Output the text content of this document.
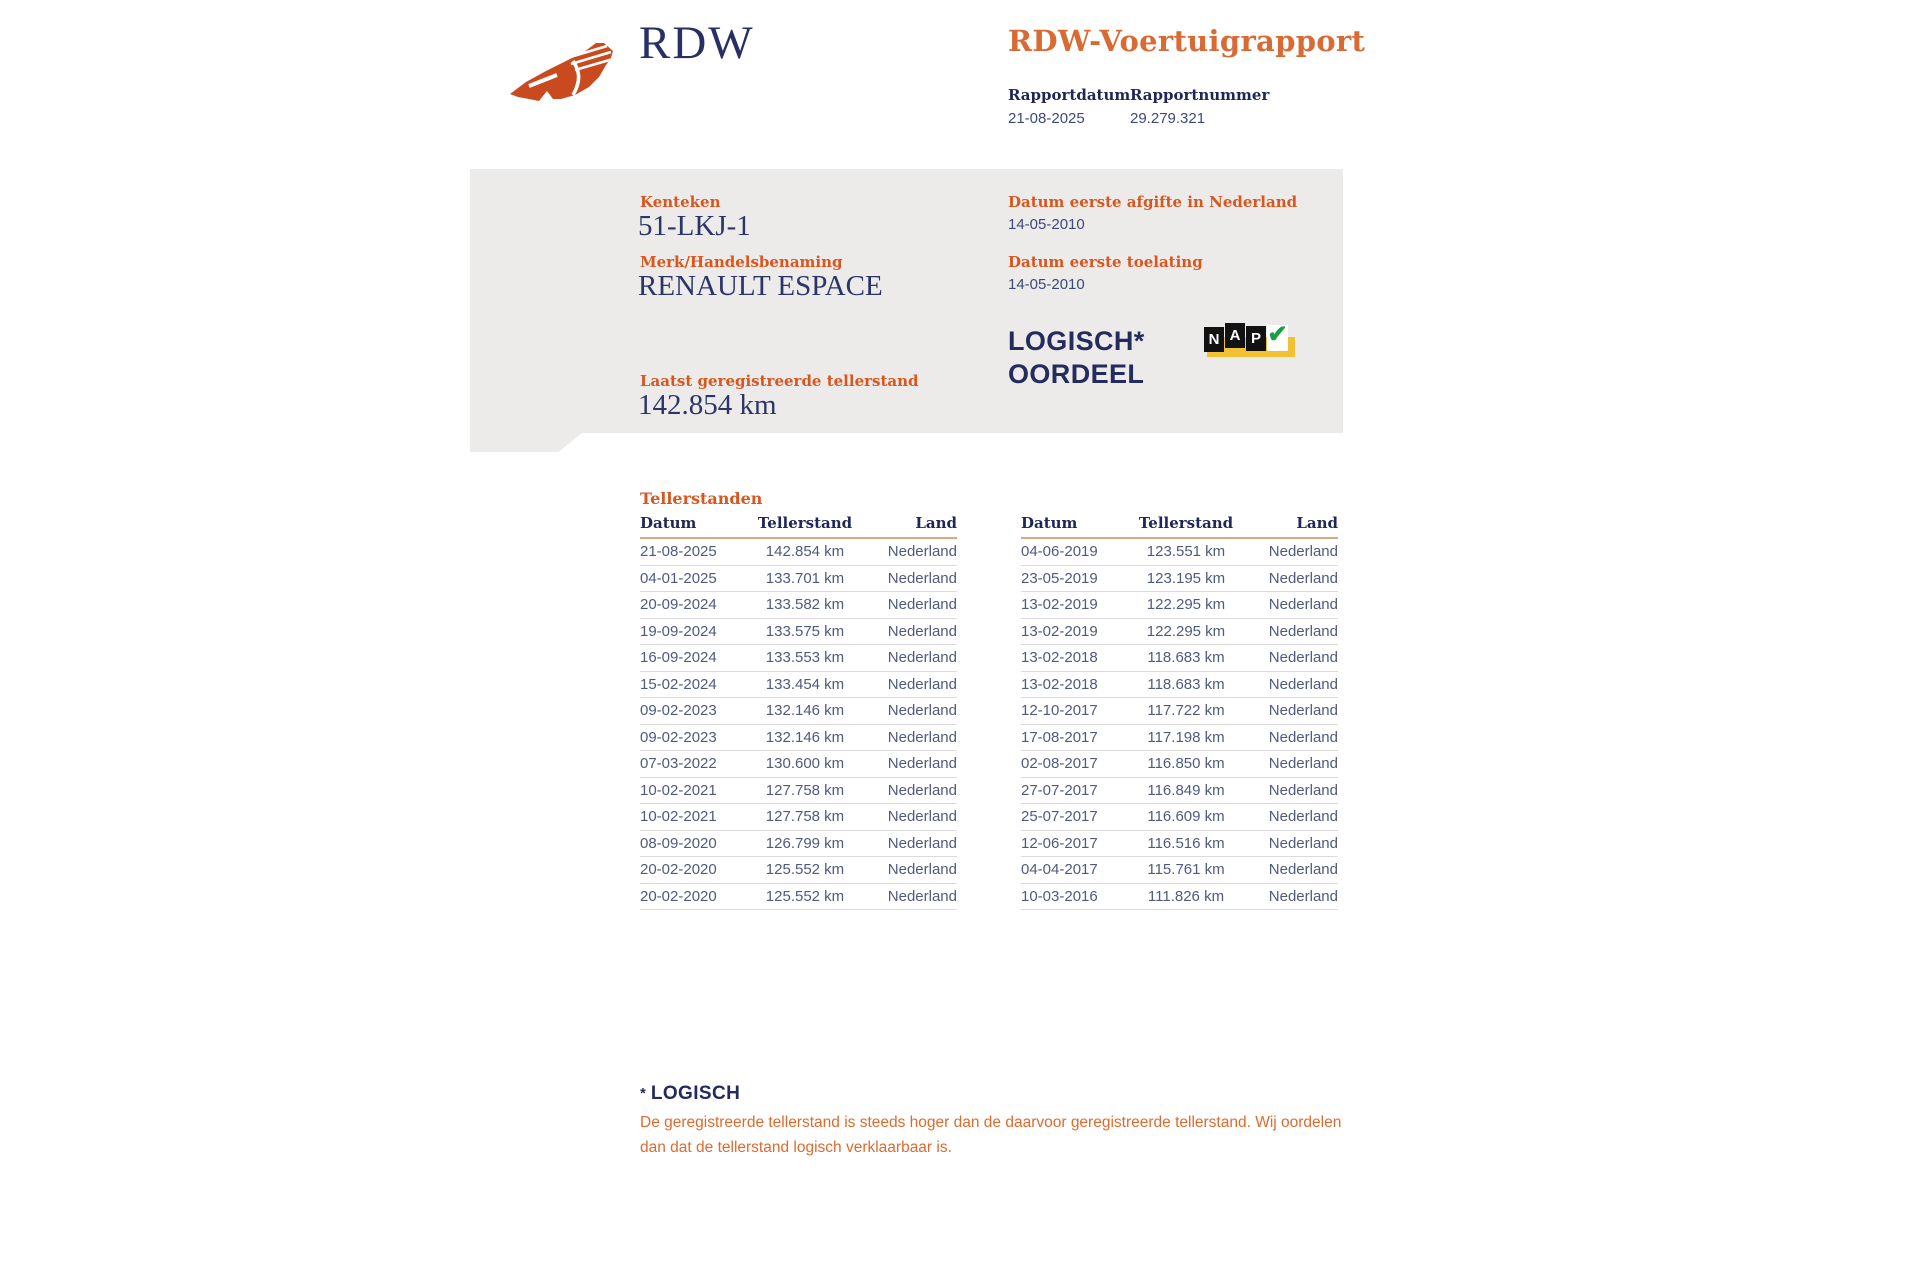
RDW	RDW-Voertuigrapport
Rapportdatum Rapportnummer
21-08-2025	29.279.321
Kenteken
51-LKJ-1
Merk/Handelsbenaming
RENAULT ESPACE
Laatst geregistreerde tellerstand
142.854 km
Datum eerste afgifte in Nederland
14-05-2010
Datum eerste toelating
14-05-2010
LOGISCH*
OORDEEL
N A P ✔
Tellerstanden
Datum	Tellerstand	Land
21-08-2025	142.854 km	Nederland
04-01-2025	133.701 km	Nederland
20-09-2024	133.582 km	Nederland
19-09-2024	133.575 km	Nederland
16-09-2024	133.553 km	Nederland
15-02-2024	133.454 km	Nederland
09-02-2023	132.146 km	Nederland
09-02-2023	132.146 km	Nederland
07-03-2022	130.600 km	Nederland
10-02-2021	127.758 km	Nederland
10-02-2021	127.758 km	Nederland
08-09-2020	126.799 km	Nederland
20-02-2020	125.552 km	Nederland
20-02-2020	125.552 km	Nederland
Datum	Tellerstand	Land
04-06-2019	123.551 km	Nederland
23-05-2019	123.195 km	Nederland
13-02-2019	122.295 km	Nederland
13-02-2019	122.295 km	Nederland
13-02-2018	118.683 km	Nederland
13-02-2018	118.683 km	Nederland
12-10-2017	117.722 km	Nederland
17-08-2017	117.198 km	Nederland
02-08-2017	116.850 km	Nederland
27-07-2017	116.849 km	Nederland
25-07-2017	116.609 km	Nederland
12-06-2017	116.516 km	Nederland
04-04-2017	115.761 km	Nederland
10-03-2016	111.826 km	Nederland
* LOGISCH
De geregistreerde tellerstand is steeds hoger dan de daarvoor geregistreerde tellerstand. Wij oordelen dan dat de tellerstand logisch verklaarbaar is.
